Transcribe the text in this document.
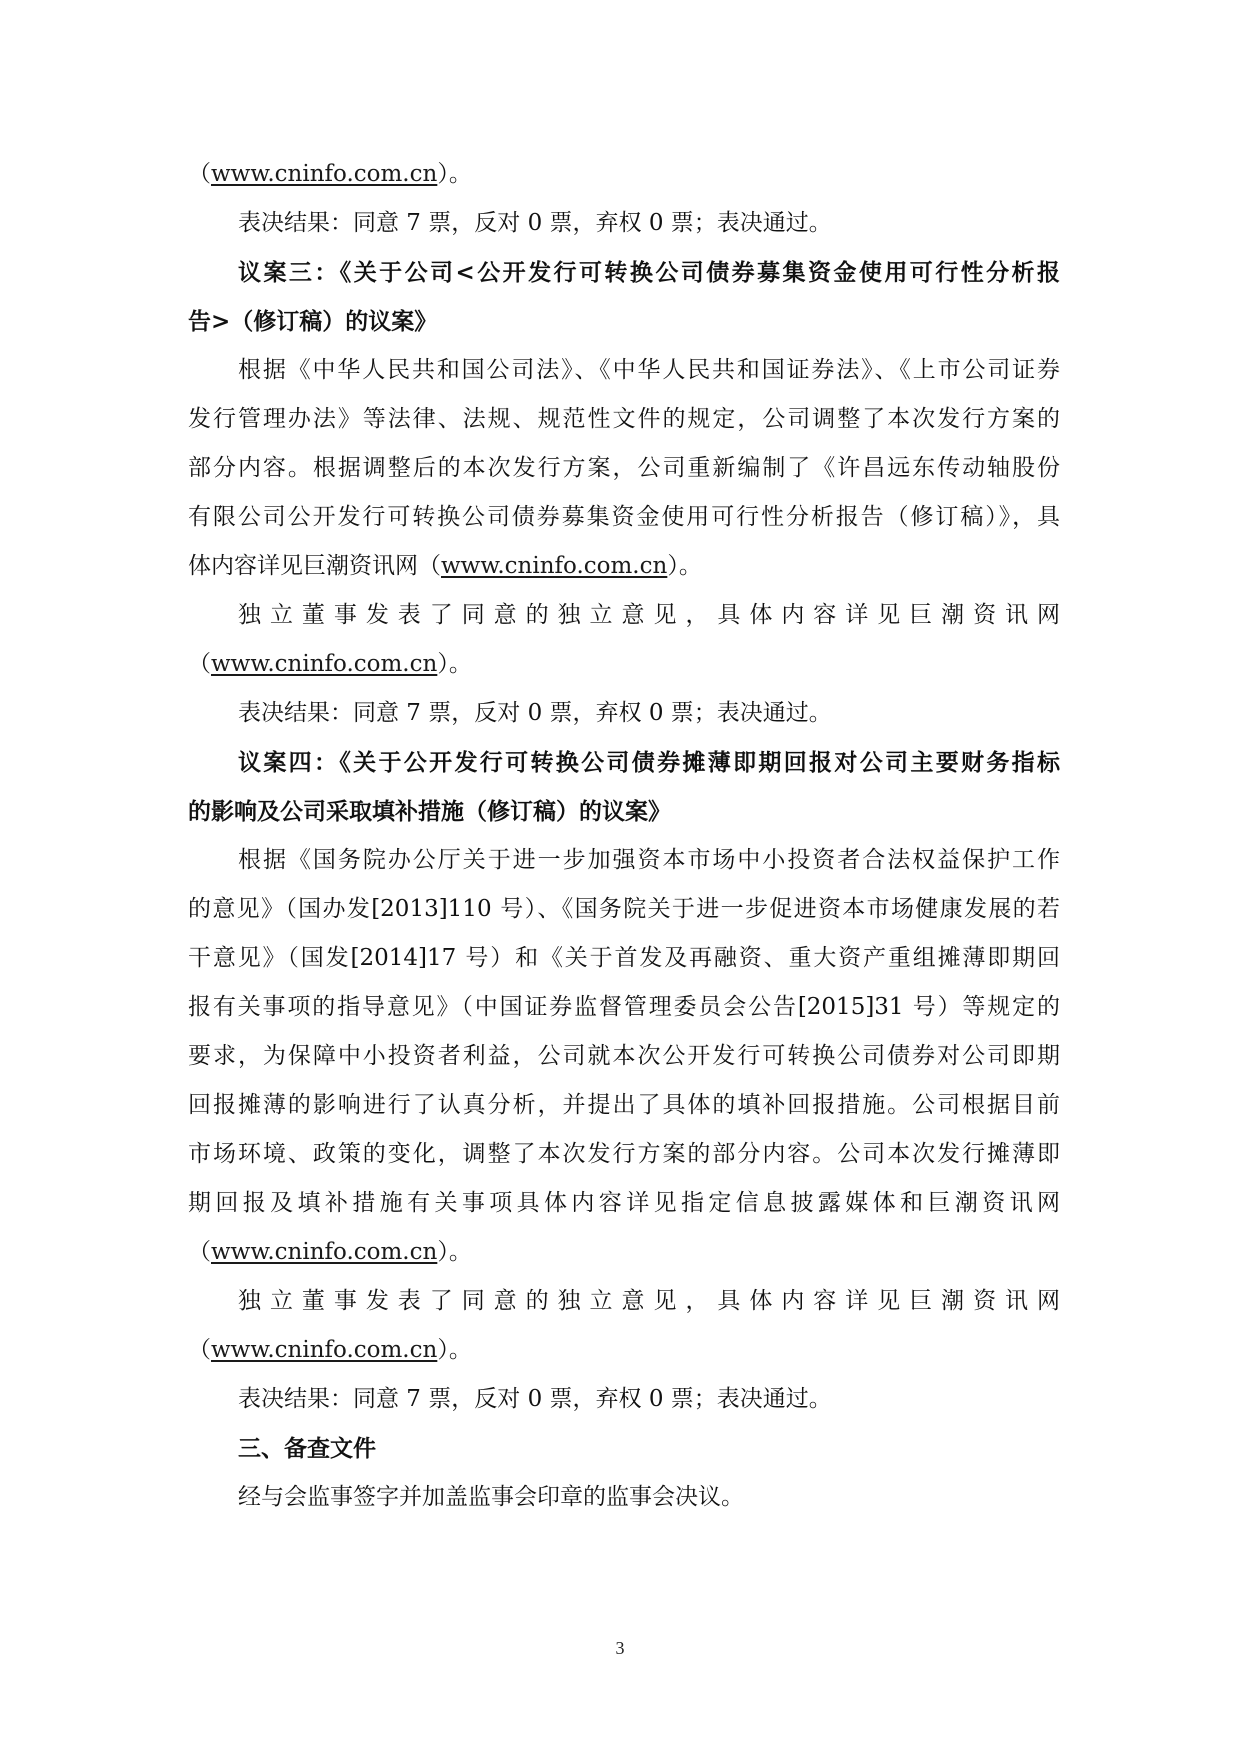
（www.cninfo.com.cn）。
表决结果：同意 7 票，反对 0 票，弃权 0 票；表决通过。
议案三：《关于公司<公开发行可转换公司债券募集资金使用可行性分析报
告>（修订稿）的议案》
根据《中华人民共和国公司法》、《中华人民共和国证券法》、《上市公司证券
发行管理办法》等法律、法规、规范性文件的规定，公司调整了本次发行方案的
部分内容。根据调整后的本次发行方案，公司重新编制了《许昌远东传动轴股份
有限公司公开发行可转换公司债券募集资金使用可行性分析报告（修订稿）》，具
体内容详见巨潮资讯网（www.cninfo.com.cn）。
独立董事发表了同意的独立意见，具体内容详见巨潮资讯网
（www.cninfo.com.cn）。
表决结果：同意 7 票，反对 0 票，弃权 0 票；表决通过。
议案四：《关于公开发行可转换公司债券摊薄即期回报对公司主要财务指标
的影响及公司采取填补措施（修订稿）的议案》
根据《国务院办公厅关于进一步加强资本市场中小投资者合法权益保护工作
的意见》（国办发[2013]110 号）、《国务院关于进一步促进资本市场健康发展的若
干意见》（国发[2014]17 号）和《关于首发及再融资、重大资产重组摊薄即期回
报有关事项的指导意见》（中国证券监督管理委员会公告[2015]31 号）等规定的
要求，为保障中小投资者利益，公司就本次公开发行可转换公司债券对公司即期
回报摊薄的影响进行了认真分析，并提出了具体的填补回报措施。公司根据目前
市场环境、政策的变化，调整了本次发行方案的部分内容。公司本次发行摊薄即
期回报及填补措施有关事项具体内容详见指定信息披露媒体和巨潮资讯网
（www.cninfo.com.cn）。
独立董事发表了同意的独立意见，具体内容详见巨潮资讯网
（www.cninfo.com.cn）。
表决结果：同意 7 票，反对 0 票，弃权 0 票；表决通过。
三、备查文件
经与会监事签字并加盖监事会印章的监事会决议。
3
